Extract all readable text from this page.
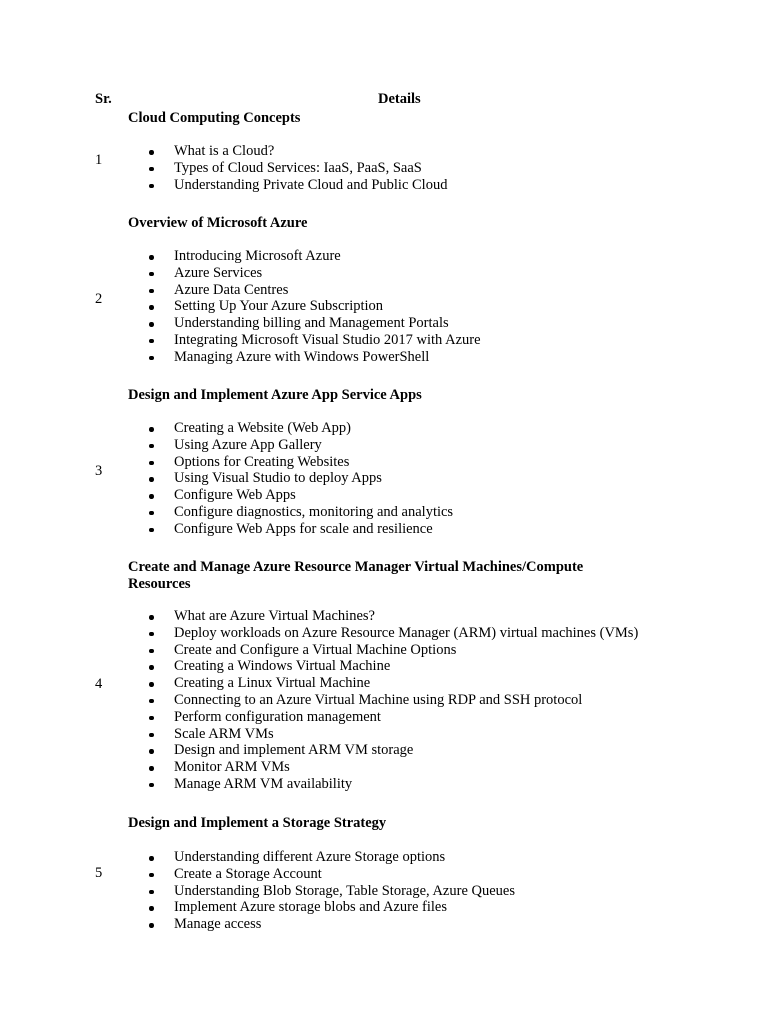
Sr.	Details
Cloud Computing Concepts
1
What is a Cloud?
Types of Cloud Services: IaaS, PaaS, SaaS
Understanding Private Cloud and Public Cloud
Overview of Microsoft Azure
2
Introducing Microsoft Azure
Azure Services
Azure Data Centres
Setting Up Your Azure Subscription
Understanding billing and Management Portals
Integrating Microsoft Visual Studio 2017 with Azure
Managing Azure with Windows PowerShell
Design and Implement Azure App Service Apps
3
Creating a Website (Web App)
Using Azure App Gallery
Options for Creating Websites
Using Visual Studio to deploy Apps
Configure Web Apps
Configure diagnostics, monitoring and analytics
Configure Web Apps for scale and resilience
Create and Manage Azure Resource Manager Virtual Machines/Compute Resources
4
What are Azure Virtual Machines?
Deploy workloads on Azure Resource Manager (ARM) virtual machines (VMs)
Create and Configure a Virtual Machine Options
Creating a Windows Virtual Machine
Creating a Linux Virtual Machine
Connecting to an Azure Virtual Machine using RDP and SSH protocol
Perform configuration management
Scale ARM VMs
Design and implement ARM VM storage
Monitor ARM VMs
Manage ARM VM availability
Design and Implement a Storage Strategy
5
Understanding different Azure Storage options
Create a Storage Account
Understanding Blob Storage, Table Storage, Azure Queues
Implement Azure storage blobs and Azure files
Manage access
